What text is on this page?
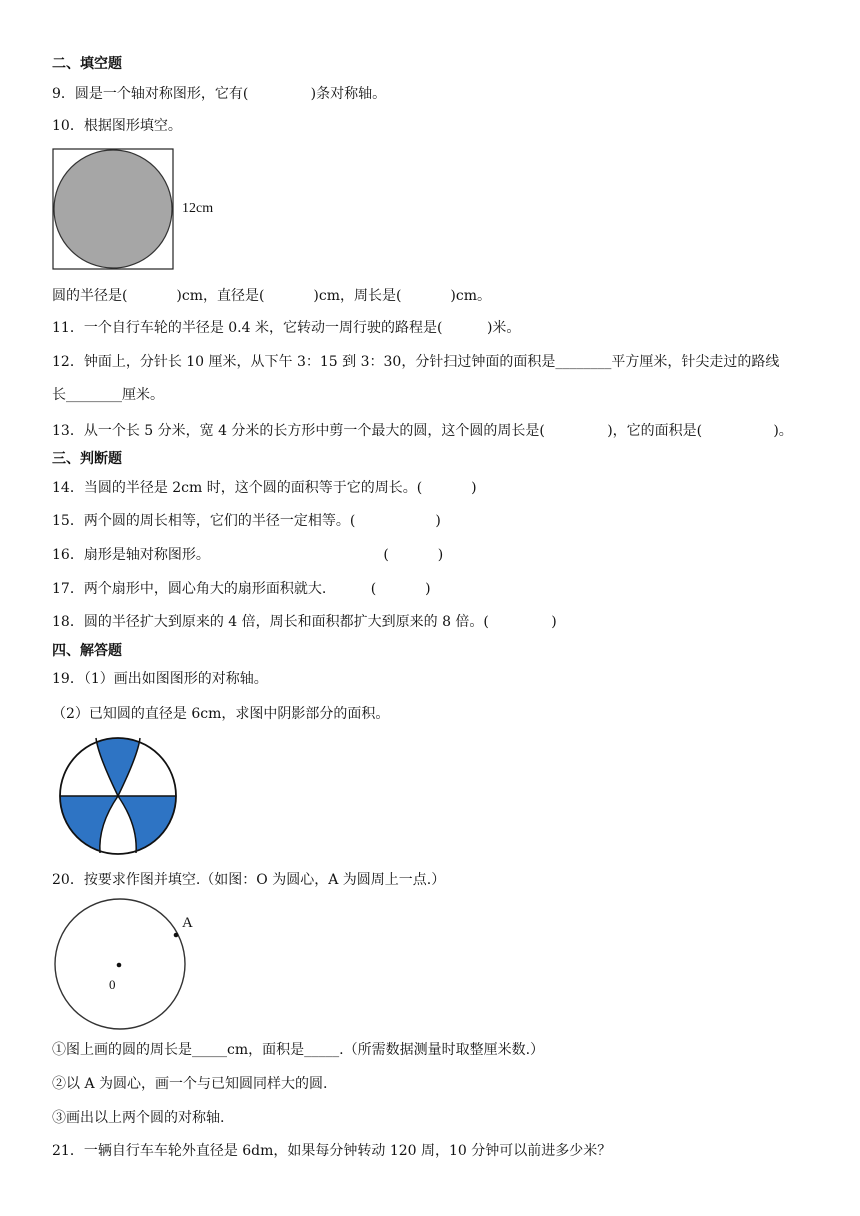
二、填空题
9．圆是一个轴对称图形，它有(              )条对称轴。
10．根据图形填空。
12cm
圆的半径是(           )cm，直径是(           )cm，周长是(           )cm。
11．一个自行车轮的半径是 0.4 米，它转动一周行驶的路程是(          )米。
12．钟面上，分针长 10 厘米，从下午 3：15 到 3：30，分针扫过钟面的面积是________平方厘米，针尖走过的路线
长________厘米。
13．从一个长 5 分米，宽 4 分米的长方形中剪一个最大的圆，这个圆的周长是(              )，它的面积是(                )。
三、判断题
14．当圆的半径是 2cm 时，这个圆的面积等于它的周长。(           )
15．两个圆的周长相等，它们的半径一定相等。(                  )
16．扇形是轴对称图形。                                       (           )
17．两个扇形中，圆心角大的扇形面积就大.          (           )
18．圆的半径扩大到原来的 4 倍，周长和面积都扩大到原来的 8 倍。(              )
四、解答题
19．（1）画出如图图形的对称轴。
（2）已知圆的直径是 6cm，求图中阴影部分的面积。
20．按要求作图并填空.（如图：O 为圆心，A 为圆周上一点.）
A
0
①图上画的圆的周长是_____cm，面积是_____.（所需数据测量时取整厘米数.）
②以 A 为圆心，画一个与已知圆同样大的圆.
③画出以上两个圆的对称轴.
21．一辆自行车车轮外直径是 6dm，如果每分钟转动 120 周，10 分钟可以前进多少米？
